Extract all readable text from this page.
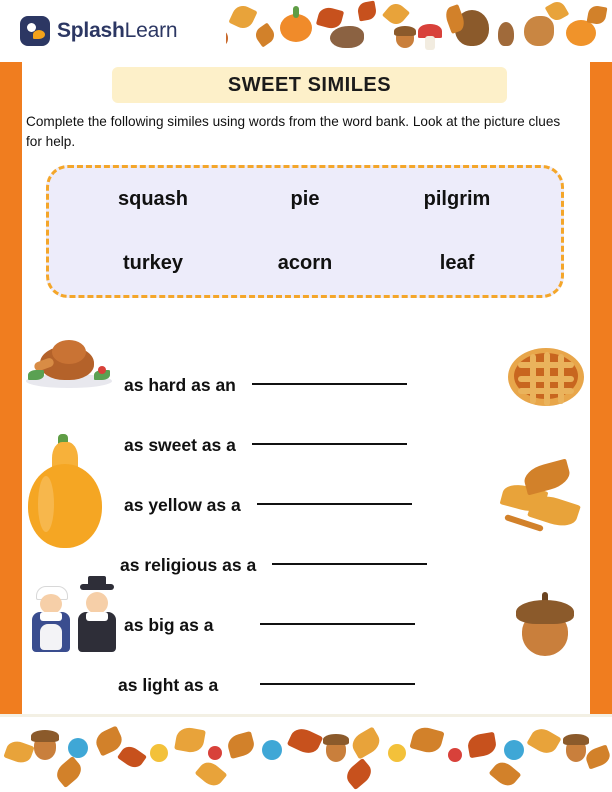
SplashLearn
SWEET SIMILES
Complete the following similes using words from the word bank. Look at the picture clues for help.
squash	pie	pilgrim
turkey	acorn	leaf
as hard as an
as sweet as a
as yellow as a
as religious as a
as big as a
as light as a
